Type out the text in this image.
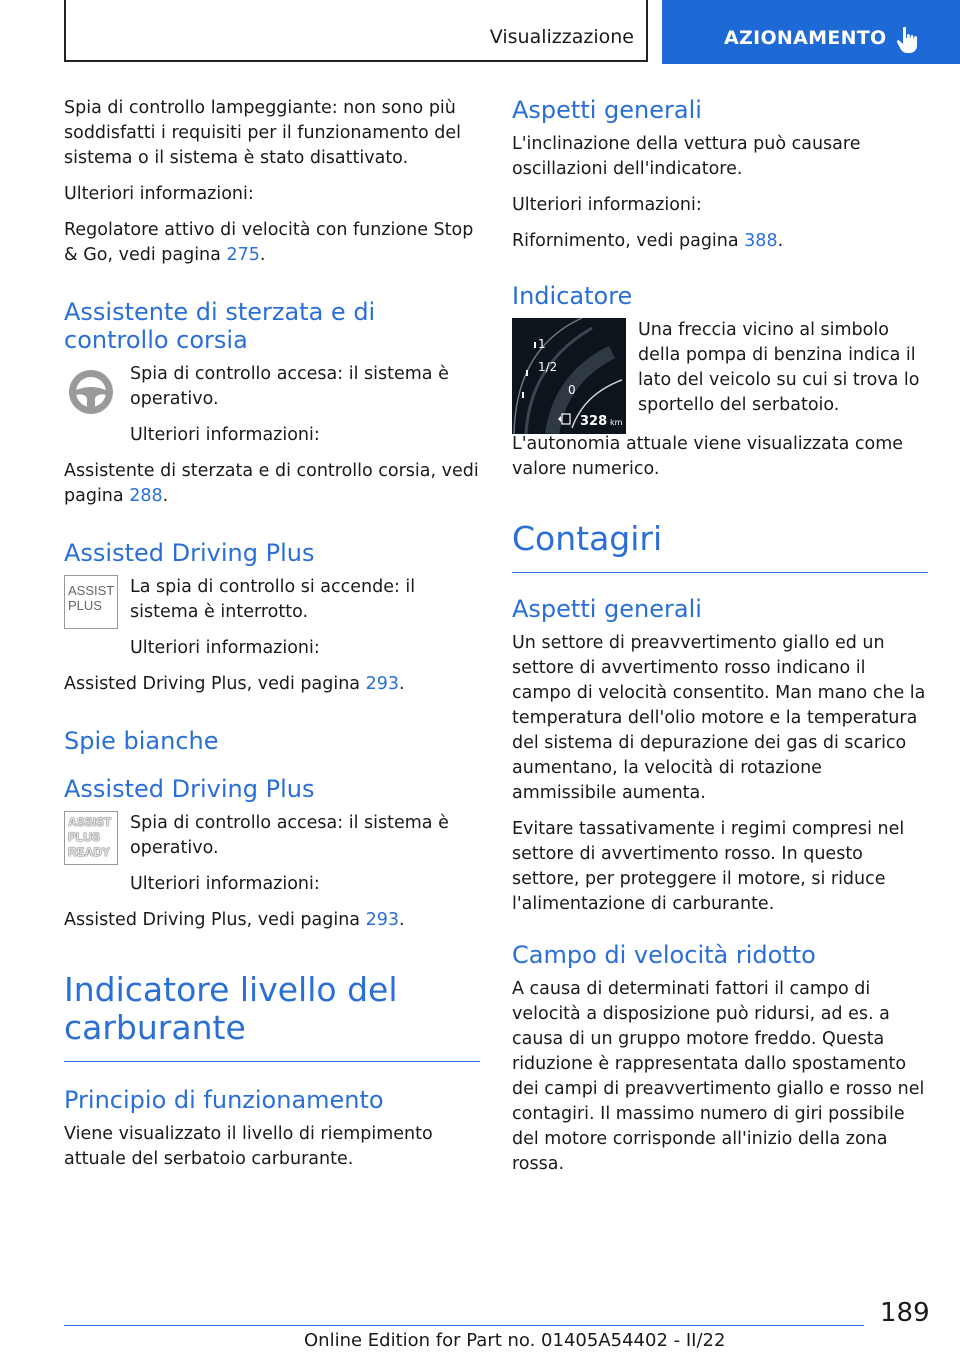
Visualizzazione	AZIONAMENTO

Spia di controllo lampeggiante: non sono più soddisfatti i requisiti per il funzionamento del sistema o il sistema è stato disattivato.

Ulteriori informazioni:

Regolatore attivo di velocità con funzione Stop & Go, vedi pagina 275.

Assistente di sterzata e di controllo corsia

Spia di controllo accesa: il sistema è operativo.

Ulteriori informazioni:

Assistente di sterzata e di controllo corsia, vedi pagina 288.

Assisted Driving Plus
ASSIST
PLUS

La spia di controllo si accende: il sistema è interrotto.

Ulteriori informazioni:

Assisted Driving Plus, vedi pagina 293.

Spie bianche
Assisted Driving Plus
ASSIST
PLUS
READY

Spia di controllo accesa: il sistema è operativo.

Ulteriori informazioni:

Assisted Driving Plus, vedi pagina 293.

Indicatore livello del carburante
Principio di funzionamento

Viene visualizzato il livello di riempimento attuale del serbatoio carburante.

Aspetti generali

L'inclinazione della vettura può causare oscillazioni dell'indicatore.

Ulteriori informazioni:

Rifornimento, vedi pagina 388.

Indicatore
1
1/2
0
328 km

Una freccia vicino al simbolo della pompa di benzina indica il lato del veicolo su cui si trova lo sportello del serbatoio.

L'autonomia attuale viene visualizzata come valore numerico.

Contagiri
Aspetti generali

Un settore di preavvertimento giallo ed un settore di avvertimento rosso indicano il campo di velocità consentito. Man mano che la temperatura dell'olio motore e la temperatura del sistema di depurazione dei gas di scarico aumentano, la velocità di rotazione ammissibile aumenta.

Evitare tassativamente i regimi compresi nel settore di avvertimento rosso. In questo settore, per proteggere il motore, si riduce l'alimentazione di carburante.

Campo di velocità ridotto

A causa di determinati fattori il campo di velocità a disposizione può ridursi, ad es. a causa di un gruppo motore freddo. Questa riduzione è rappresentata dallo spostamento dei campi di preavvertimento giallo e rosso nel contagiri. Il massimo numero di giri possibile del motore corrisponde all'inizio della zona rossa.

189
Online Edition for Part no. 01405A54402 - II/22
